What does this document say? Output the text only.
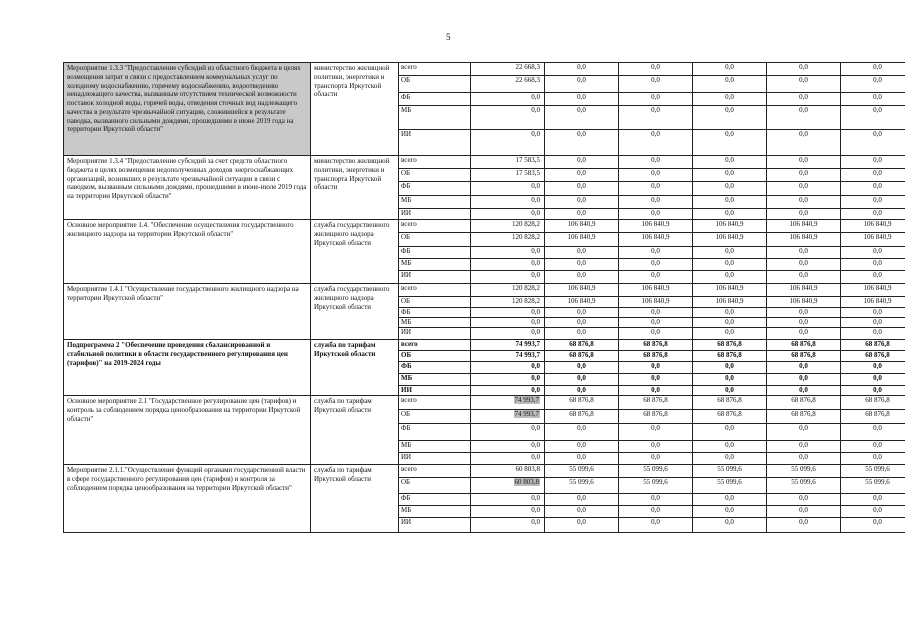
5
Мероприятие 1.3.3 "Предоставление субсидий из областного бюджета в целях возмещения затрат в связи с предоставлением коммунальных услуг по холодному водоснабжению, горячему водоснабжению, водоотведению ненадлежащего качества, вызванным отсутствием технической возможности поставок холодной воды, горячей воды, отведения сточных вод надлежащего качества в результате чрезвычайной ситуации, сложившейся в результате паводка, вызванного сильными дождями, прошедшими в июне 2019 года на территории Иркутской области"	министерство жилищной политики, энергетики и транспорта Иркутской области	всего	22 668,3	0,0	0,0	0,0	0,0	0,0
		ОБ	22 668,3	0,0	0,0	0,0	0,0	0,0
		ФБ	0,0	0,0	0,0	0,0	0,0	0,0
		МБ	0,0	0,0	0,0	0,0	0,0	0,0
		ИИ	0,0	0,0	0,0	0,0	0,0	0,0
Мероприятие 1.3.4 "Предоставление субсидий за счет средств областного бюджета в целях возмещения недополученных доходов энергоснабжающих организаций, возникших в результате чрезвычайной ситуации в связи с паводком, вызванным сильными дождями, прошедшими в июне-июле 2019 года на территории Иркутской области"	министерство жилищной политики, энергетики и транспорта Иркутской области	всего	17 583,5	0,0	0,0	0,0	0,0	0,0
		ОБ	17 583,5	0,0	0,0	0,0	0,0	0,0
		ФБ	0,0	0,0	0,0	0,0	0,0	0,0
		МБ	0,0	0,0	0,0	0,0	0,0	0,0
		ИИ	0,0	0,0	0,0	0,0	0,0	0,0
Основное мероприятие 1.4. "Обеспечение осуществления государственного жилищного надзора на территории Иркутской области"	служба государственного жилищного надзора Иркутской области	всего	120 828,2	106 840,9	106 840,9	106 840,9	106 840,9	106 840,9
		ОБ	120 828,2	106 840,9	106 840,9	106 840,9	106 840,9	106 840,9
		ФБ	0,0	0,0	0,0	0,0	0,0	0,0
		МБ	0,0	0,0	0,0	0,0	0,0	0,0
		ИИ	0,0	0,0	0,0	0,0	0,0	0,0
Мероприятие 1.4.1 "Осуществление государственного жилищного надзора на территории Иркутской области"	служба государственного жилищного надзора Иркутской области	всего	120 828,2	106 840,9	106 840,9	106 840,9	106 840,9	106 840,9
		ОБ	120 828,2	106 840,9	106 840,9	106 840,9	106 840,9	106 840,9
		ФБ	0,0	0,0	0,0	0,0	0,0	0,0
		МБ	0,0	0,0	0,0	0,0	0,0	0,0
		ИИ	0,0	0,0	0,0	0,0	0,0	0,0
Подпрограмма 2 "Обеспечение проведения сбалансированной и стабильной политики в области государственного регулирования цен (тарифов)" на 2019-2024 годы	служба по тарифам Иркутской области	всего	74 993,7	68 876,8	68 876,8	68 876,8	68 876,8	68 876,8
		ОБ	74 993,7	68 876,8	68 876,8	68 876,8	68 876,8	68 876,8
		ФБ	0,0	0,0	0,0	0,0	0,0	0,0
		МБ	0,0	0,0	0,0	0,0	0,0	0,0
		ИИ	0,0	0,0	0,0	0,0	0,0	0,0
Основное мероприятие 2.1 "Государственное регулирование цен (тарифов) и контроль за соблюдением порядка ценообразования на территории Иркутской области"	служба по тарифам Иркутской области	всего	74 993,7	68 876,8	68 876,8	68 876,8	68 876,8	68 876,8
		ОБ	74 993,7	68 876,8	68 876,8	68 876,8	68 876,8	68 876,8
		ФБ	0,0	0,0	0,0	0,0	0,0	0,0
		МБ	0,0	0,0	0,0	0,0	0,0	0,0
		ИИ	0,0	0,0	0,0	0,0	0,0	0,0
Мероприятие 2.1.1."Осуществление функций органами государственной власти в сфере государственного регулирования цен (тарифов) и контроля за соблюдением порядка ценообразования на территории Иркутской области"	служба по тарифам Иркутской области	всего	60 803,8	55 099,6	55 099,6	55 099,6	55 099,6	55 099,6
		ОБ	60 803,8	55 099,6	55 099,6	55 099,6	55 099,6	55 099,6
		ФБ	0,0	0,0	0,0	0,0	0,0	0,0
		МБ	0,0	0,0	0,0	0,0	0,0	0,0
		ИИ	0,0	0,0	0,0	0,0	0,0	0,0
